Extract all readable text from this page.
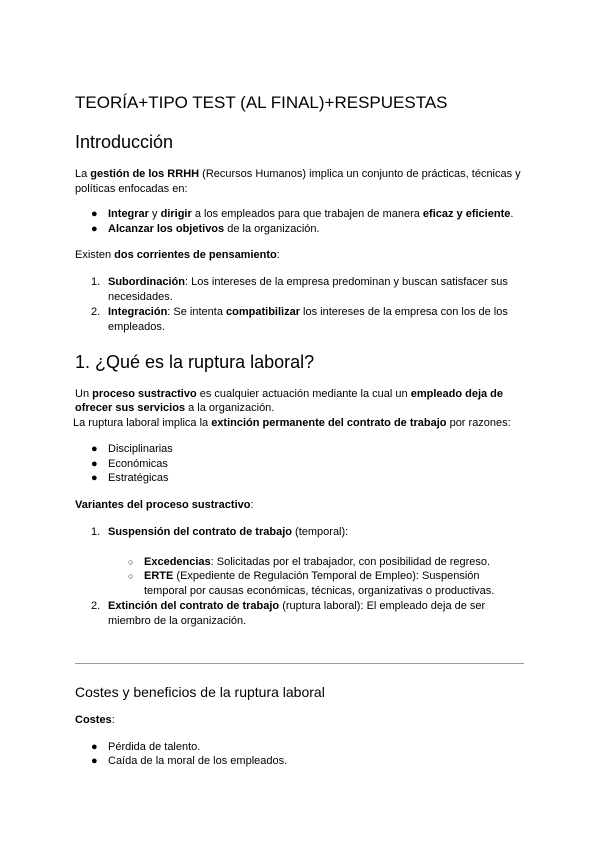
TEORÍA+TIPO TEST (AL FINAL)+RESPUESTAS
Introducción
La gestión de los RRHH (Recursos Humanos) implica un conjunto de prácticas, técnicas y
políticas enfocadas en:
● Integrar y dirigir a los empleados para que trabajen de manera eficaz y eficiente.
● Alcanzar los objetivos de la organización.
Existen dos corrientes de pensamiento:
1. Subordinación: Los intereses de la empresa predominan y buscan satisfacer sus
necesidades.
2. Integración: Se intenta compatibilizar los intereses de la empresa con los de los
empleados.
1. ¿Qué es la ruptura laboral?
Un proceso sustractivo es cualquier actuación mediante la cual un empleado deja de
ofrecer sus servicios a la organización.
La ruptura laboral implica la extinción permanente del contrato de trabajo por razones:
● Disciplinarias
● Económicas
● Estratégicas
Variantes del proceso sustractivo:
1. Suspensión del contrato de trabajo (temporal):
○ Excedencias: Solicitadas por el trabajador, con posibilidad de regreso.
○ ERTE (Expediente de Regulación Temporal de Empleo): Suspensión
temporal por causas económicas, técnicas, organizativas o productivas.
2. Extinción del contrato de trabajo (ruptura laboral): El empleado deja de ser
miembro de la organización.
Costes y beneficios de la ruptura laboral
Costes:
● Pérdida de talento.
● Caída de la moral de los empleados.
